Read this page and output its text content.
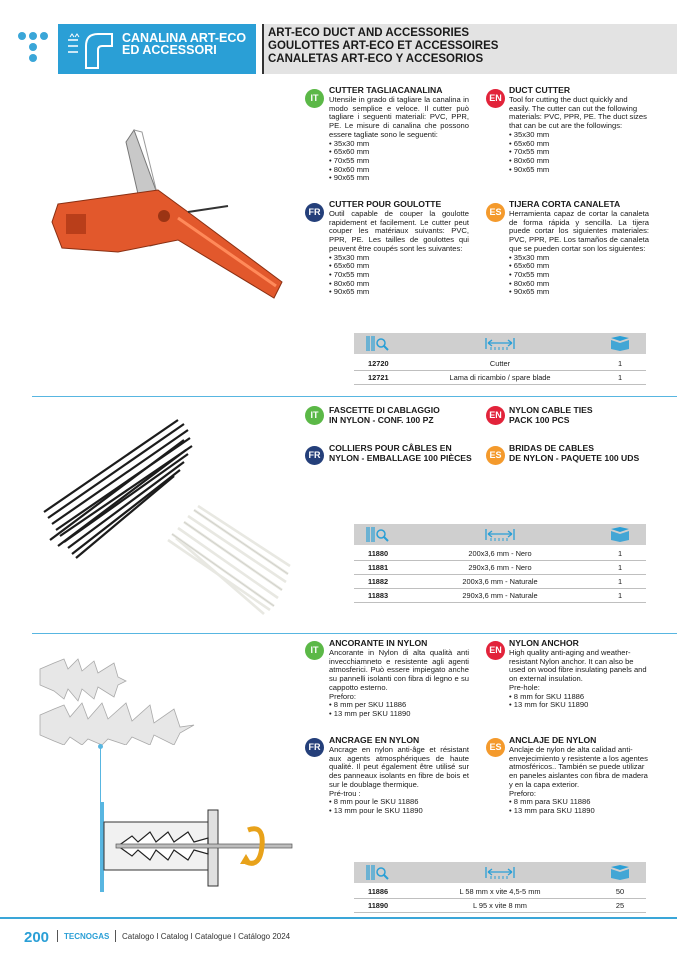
CANALINA ART-ECO
ED ACCESSORI
ART-ECO DUCT AND ACCESSORIES
GOULOTTES ART-ECO ET ACCESSOIRES
CANALETAS ART-ECO Y ACCESORIOS
IT
CUTTER TAGLIACANALINA
Utensile in grado di tagliare la canalina in modo semplice e veloce. Il cutter può tagliare i seguenti materiali: PVC, PPR, PE. Le misure di canalina che possono essere tagliate sono le seguenti:
• 35x30 mm
• 65x60 mm
• 70x55 mm
• 80x60 mm
• 90x65 mm
EN
DUCT CUTTER
Tool for cutting the duct quickly and easily. The cutter can cut the following materials: PVC, PPR, PE. The duct sizes that can be cut are the followings:
• 35x30 mm
• 65x60 mm
• 70x55 mm
• 80x60 mm
• 90x65 mm
FR
CUTTER POUR GOULOTTE
Outil capable de couper la goulotte rapidement et facilement. Le cutter peut couper les matériaux suivants: PVC, PPR, PE. Les tailles de goulottes qui peuvent être coupés sont les suivantes:
• 35x30 mm
• 65x60 mm
• 70x55 mm
• 80x60 mm
• 90x65 mm
ES
TIJERA CORTA CANALETA
Herramienta capaz de cortar la canaleta de forma rápida y sencilla. La tijera puede cortar los siguientes materiales: PVC, PPR, PE. Los tamaños de canaleta que se pueden cortar son los siguientes:
• 35x30 mm
• 65x60 mm
• 70x55 mm
• 80x60 mm
• 90x65 mm
12720	Cutter	1
12721	Lama di ricambio / spare blade	1
IT	FASCETTE DI CABLAGGIO
IN NYLON - CONF. 100 PZ	EN NYLON CABLE TIES
PACK 100 PCS
FR
COLLIERS POUR CÂBLES EN
NYLON - EMBALLAGE 100 PIÈCES	ES
BRIDAS DE CABLES
DE NYLON - PAQUETE 100 UDS
11880	200x3,6 mm - Nero	1
11881	290x3,6 mm - Nero	1
11882	200x3,6 mm - Naturale	1
11883	290x3,6 mm - Naturale	1
IT
ANCORANTE IN NYLON
Ancorante in Nylon di alta qualità anti invecchiamneto e resistente agli agenti atmosferici. Può essere impiegato anche su pannelli isolanti con fibra di legno e su cappotto esterno.
Preforo:
• 8 mm per SKU 11886
• 13 mm per SKU 11890
EN
NYLON ANCHOR
High quality anti-aging and weather-resistant Nylon anchor. It can also be used on wood fibre insulating panels and on external insulation.
Pre-hole:
• 8 mm for SKU 11886
• 13 mm for SKU 11890
FR
ANCRAGE EN NYLON
Ancrage en nylon anti-âge et résistant aux agents atmosphériques de haute qualité. Il peut également être utilisé sur des panneaux isolants en fibre de bois et sur le doublage thermique.
Pré-trou :
• 8 mm pour le SKU 11886
• 13 mm pour le SKU 11890
ES
ANCLAJE DE NYLON
Anclaje de nylon de alta calidad anti-envejecimiento y resistente a los agentes atmosféricos.. También se puede utilizar en paneles aislantes con fibra de madera y en la capa exterior.
Preforo:
• 8 mm para SKU 11886
• 13 mm para SKU 11890
11886	L 58 mm x vite 4,5-5 mm	50
11890	L 95 x vite 8 mm	25
200 TECNOGAS Catalogo I Catalog I Catalogue I Catálogo 2024
